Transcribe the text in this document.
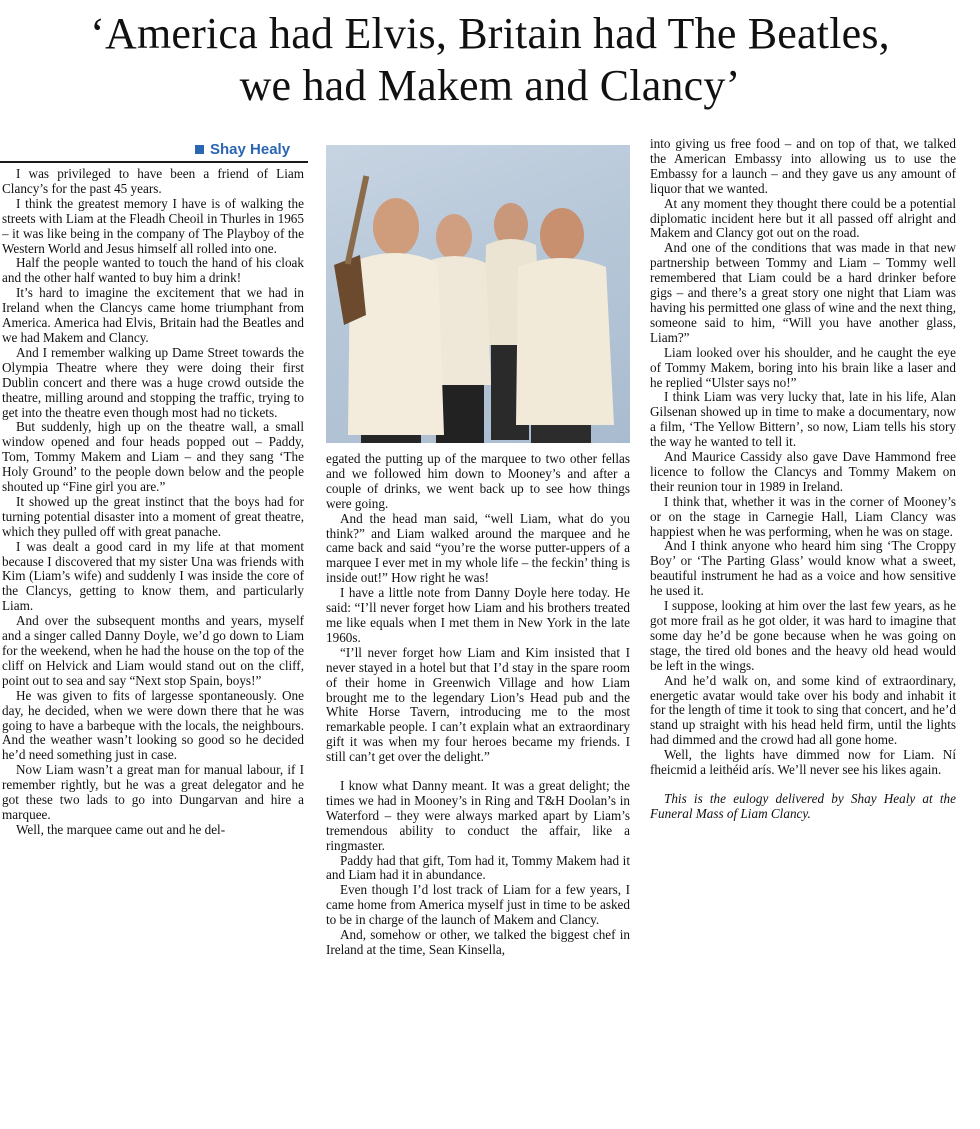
‘America had Elvis, Britain had The Beatles,
we had Makem and Clancy’
Shay Healy

I was privileged to have been a friend of Liam Clancy’s for the past 45 years.

I think the greatest memory I have is of walking the streets with Liam at the Fleadh Cheoil in Thurles in 1965 – it was like being in the company of The Playboy of the Western World and Jesus himself all rolled into one.

Half the people wanted to touch the hand of his cloak and the other half wanted to buy him a drink!

It’s hard to imagine the excitement that we had in Ireland when the Clancys came home triumphant from America. America had Elvis, Britain had the Beatles and we had Makem and Clancy.

And I remember walking up Dame Street towards the Olympia Theatre where they were doing their first Dublin concert and there was a huge crowd outside the theatre, milling around and stopping the traffic, trying to get into the theatre even though most had no tickets.

But suddenly, high up on the theatre wall, a small window opened and four heads popped out – Paddy, Tom, Tommy Makem and Liam – and they sang ‘The Holy Ground’ to the people down below and the people shouted up “Fine girl you are.”

It showed up the great instinct that the boys had for turning potential disaster into a moment of great theatre, which they pulled off with great panache.

I was dealt a good card in my life at that moment because I discovered that my sister Una was friends with Kim (Liam’s wife) and suddenly I was inside the core of the Clancys, getting to know them, and particularly Liam.

And over the subsequent months and years, myself and a singer called Danny Doyle, we’d go down to Liam for the weekend, when he had the house on the top of the cliff on Helvick and Liam would stand out on the cliff, point out to sea and say “Next stop Spain, boys!”

He was given to fits of largesse spontaneously. One day, he decided, when we were down there that he was going to have a barbeque with the locals, the neighbours. And the weather wasn’t looking so good so he decided he’d need something just in case.

Now Liam wasn’t a great man for manual labour, if I remember rightly, but he was a great delegator and he got these two lads to go into Dungarvan and hire a marquee.

Well, the marquee came out and he del-

egated the putting up of the marquee to two other fellas and we followed him down to Mooney’s and after a couple of drinks, we went back up to see how things were going.

And the head man said, “well Liam, what do you think?” and Liam walked around the marquee and he came back and said “you’re the worse putter-uppers of a marquee I ever met in my whole life – the feckin’ thing is inside out!” How right he was!

I have a little note from Danny Doyle here today. He said: “I’ll never forget how Liam and his brothers treated me like equals when I met them in New York in the late 1960s.

“I’ll never forget how Liam and Kim insisted that I never stayed in a hotel but that I’d stay in the spare room of their home in Greenwich Village and how Liam brought me to the legendary Lion’s Head pub and the White Horse Tavern, introducing me to the most remarkable people. I can’t explain what an extraordinary gift it was when my four heroes became my friends. I still can’t get over the delight.”

I know what Danny meant. It was a great delight; the times we had in Mooney’s in Ring and T&H Doolan’s in Waterford – they were always marked apart by Liam’s tremendous ability to conduct the affair, like a ringmaster.

Paddy had that gift, Tom had it, Tommy Makem had it and Liam had it in abundance.

Even though I’d lost track of Liam for a few years, I came home from America myself just in time to be asked to be in charge of the launch of Makem and Clancy.

And, somehow or other, we talked the biggest chef in Ireland at the time, Sean Kinsella,

into giving us free food – and on top of that, we talked the American Embassy into allowing us to use the Embassy for a launch – and they gave us any amount of liquor that we wanted.

At any moment they thought there could be a potential diplomatic incident here but it all passed off alright and Makem and Clancy got out on the road.

And one of the conditions that was made in that new partnership between Tommy and Liam – Tommy well remembered that Liam could be a hard drinker before gigs – and there’s a great story one night that Liam was having his permitted one glass of wine and the next thing, someone said to him, “Will you have another glass, Liam?”

Liam looked over his shoulder, and he caught the eye of Tommy Makem, boring into his brain like a laser and he replied “Ulster says no!”

I think Liam was very lucky that, late in his life, Alan Gilsenan showed up in time to make a documentary, now a film, ‘The Yellow Bittern’, so now, Liam tells his story the way he wanted to tell it.

And Maurice Cassidy also gave Dave Hammond free licence to follow the Clancys and Tommy Makem on their reunion tour in 1989 in Ireland.

I think that, whether it was in the corner of Mooney’s or on the stage in Carnegie Hall, Liam Clancy was happiest when he was performing, when he was on stage.

And I think anyone who heard him sing ‘The Croppy Boy’ or ‘The Parting Glass’ would know what a sweet, beautiful instrument he had as a voice and how sensitive he used it.

I suppose, looking at him over the last few years, as he got more frail as he got older, it was hard to imagine that some day he’d be gone because when he was going on stage, the tired old bones and the heavy old head would be left in the wings.

And he’d walk on, and some kind of extraordinary, energetic avatar would take over his body and inhabit it for the length of time it took to sing that concert, and he’d stand up straight with his head held firm, until the lights had dimmed and the crowd had all gone home.

Well, the lights have dimmed now for Liam. Ní fheicmid a leithéid arís. We’ll never see his likes again.

This is the eulogy delivered by Shay Healy at the Funeral Mass of Liam Clancy.
